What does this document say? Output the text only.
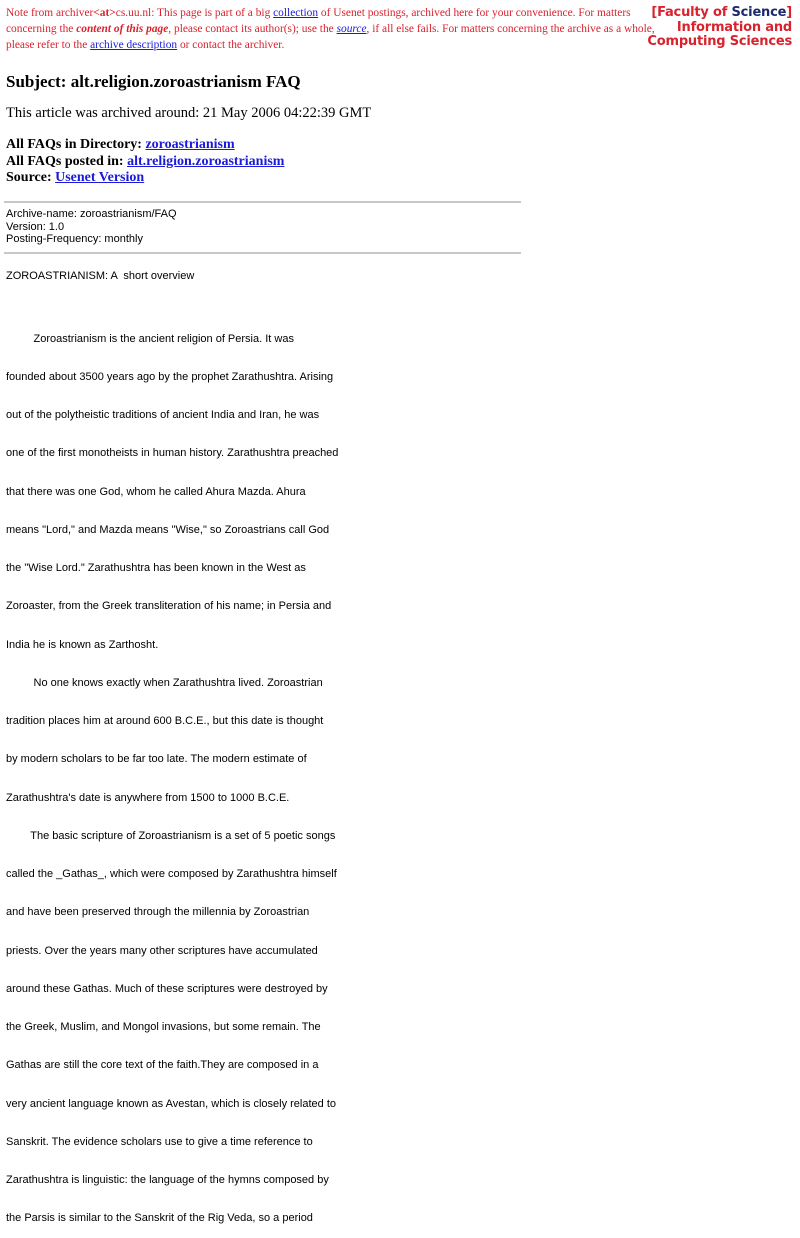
Note from archiver<at>cs.uu.nl: This page is part of a big collection of Usenet postings, archived here for your convenience. For matters concerning the content of this page, please contact its author(s); use the source, if all else fails. For matters concerning the archive as a whole, please refer to the archive description or contact the archiver.
[Faculty of Science]
Information and
Computing Sciences
Subject: alt.religion.zoroastrianism FAQ
This article was archived around: 21 May 2006 04:22:39 GMT
All FAQs in Directory: zoroastrianism
All FAQs posted in: alt.religion.zoroastrianism
Source: Usenet Version
Archive-name: zoroastrianism/FAQ
Version: 1.0
Posting-Frequency: monthly
ZOROASTRIANISM: A  short overview

Zoroastrianism is the ancient religion of Persia. It was

founded about 3500 years ago by the prophet Zarathushtra. Arising

out of the polytheistic traditions of ancient India and Iran, he was

one of the first monotheists in human history. Zarathushtra preached

that there was one God, whom he called Ahura Mazda. Ahura

means "Lord," and Mazda means "Wise," so Zoroastrians call God

the "Wise Lord." Zarathushtra has been known in the West as

Zoroaster, from the Greek transliteration of his name; in Persia and

India he is known as Zarthosht.

No one knows exactly when Zarathushtra lived. Zoroastrian

tradition places him at around 600 B.C.E., but this date is thought

by modern scholars to be far too late. The modern estimate of

Zarathushtra's date is anywhere from 1500 to 1000 B.C.E.

The basic scripture of Zoroastrianism is a set of 5 poetic songs

called the _Gathas_, which were composed by Zarathushtra himself

and have been preserved through the millennia by Zoroastrian

priests. Over the years many other scriptures have accumulated

around these Gathas. Much of these scriptures were destroyed by

the Greek, Muslim, and Mongol invasions, but some remain. The

Gathas are still the core text of the faith.They are composed in a

very ancient language known as Avestan, which is closely related to

Sanskrit. The evidence scholars use to give a time reference to

Zarathushtra is linguistic: the language of the hymns composed by

the Parsis is similar to the Sanskrit of the Rig Veda, so a period
